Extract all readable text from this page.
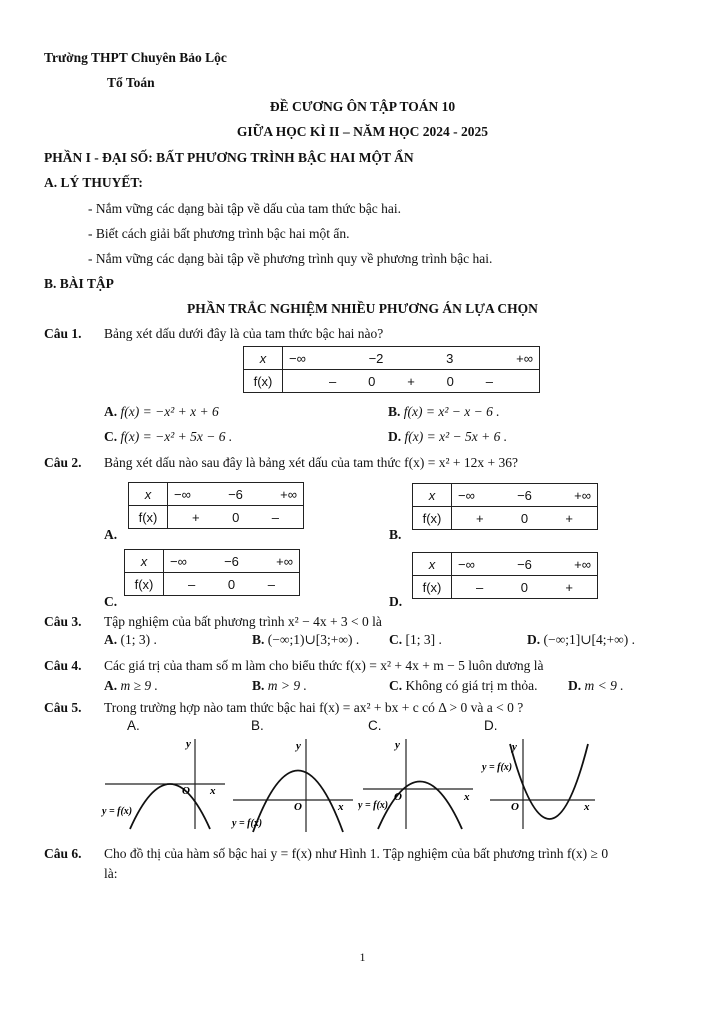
Trường THPT Chuyên Bảo Lộc
Tổ Toán
ĐỀ CƯƠNG ÔN TẬP TOÁN 10
GIỮA HỌC KÌ II – NĂM HỌC 2024 - 2025
PHẦN I - ĐẠI SỐ: BẤT PHƯƠNG TRÌNH BẬC HAI MỘT ẨN
A. LÝ THUYẾT:
- Nắm vững các dạng bài tập về dấu của tam thức bậc hai.
- Biết cách giải bất phương trình bậc hai một ẩn.
- Nắm vững các dạng bài tập về phương trình quy về phương trình bậc hai.
B. BÀI TẬP
PHẦN TRẮC NGHIỆM NHIỀU PHƯƠNG ÁN LỰA CHỌN
Câu 1. Bảng xét dấu dưới đây là của tam thức bậc hai nào?
x	−∞ −2 3 +∞

f(x)	– 0 + 0 –
A. f(x) = −x² + x + 6	B. f(x) = x² − x − 6 .
C. f(x) = −x² + 5x − 6 .	D. f(x) = x² − 5x + 6 .
Câu 2. Bảng xét dấu nào sau đây là bảng xét dấu của tam thức f(x) = x² + 12x + 36?
A.
x	−∞ −6 +∞

f(x)	+ 0 –
B.
x	−∞ −6 +∞

f(x)	+ 0 +
C.
x	−∞ −6 +∞

f(x)	– 0 –
D.
x	−∞ −6 +∞

f(x)	– 0 +
Câu 3. Tập nghiệm của bất phương trình x² − 4x + 3 < 0 là
A. (1; 3) .	B. (−∞;1)∪[3;+∞) . C. [1; 3] .	D. (−∞;1]∪[4;+∞) .
Câu 4. Các giá trị của tham số m làm cho biểu thức f(x) = x² + 4x + m − 5 luôn dương là
A. m ≥ 9 .	B. m > 9 .	C. Không có giá trị m thỏa. D. m < 9 .
Câu 5. Trong trường hợp nào tam thức bậc hai f(x) = ax² + bx + c có Δ > 0 và a < 0 ?
A.
y
O x
y = f(x)
B.
y
O	x
y = f(x)
C.
y
O	x
y = f(x)
D.
y
O	x
y = f(x)
Câu 6. Cho đồ thị của hàm số bậc hai y = f(x) như Hình 1. Tập nghiệm của bất phương trình f(x) ≥ 0
là:
1
